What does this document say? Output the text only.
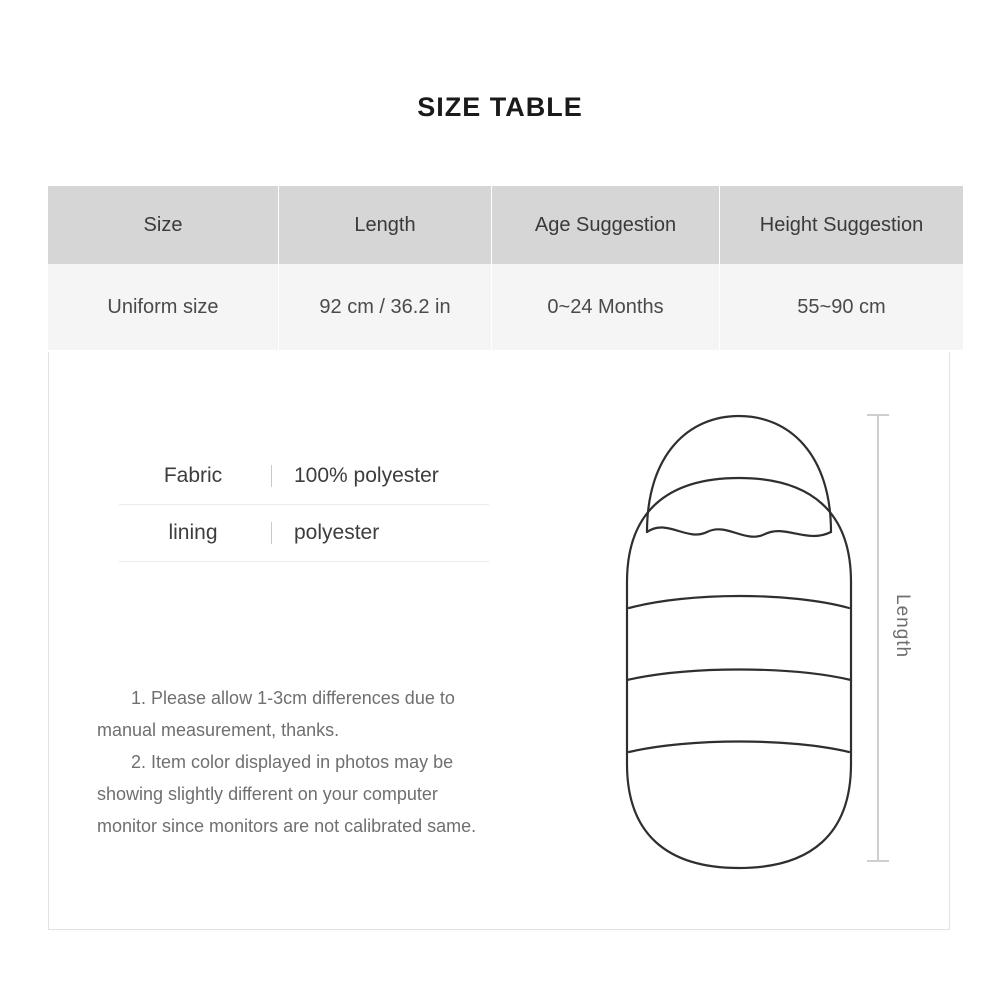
SIZE TABLE
Size	Length	Age Suggestion	Height Suggestion
Uniform size	92 cm / 36.2 in	0~24 Months	55~90 cm
Fabric	100% polyester
lining	polyester

1. Please allow 1-3cm differences due to

manual measurement, thanks.

2. Item color displayed in photos may be

showing slightly different on your computer

monitor since monitors are not calibrated same.

Length
